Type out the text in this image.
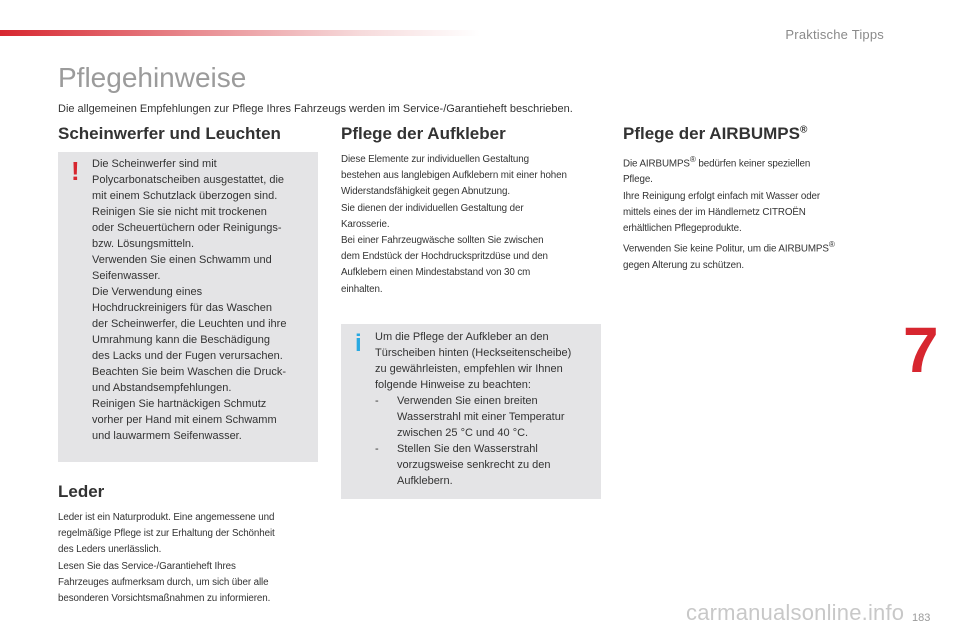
Praktische Tipps
Pflegehinweise
Die allgemeinen Empfehlungen zur Pflege Ihres Fahrzeugs werden im Service-/Garantieheft beschrieben.
Scheinwerfer und Leuchten
! Die Scheinwerfer sind mit
Polycarbonatscheiben ausgestattet, die
mit einem Schutzlack überzogen sind.
Reinigen Sie sie nicht mit trockenen
oder Scheuertüchern oder Reinigungs-
bzw. Lösungsmitteln.
Verwenden Sie einen Schwamm und
Seifenwasser.
Die Verwendung eines
Hochdruckreinigers für das Waschen
der Scheinwerfer, die Leuchten und ihre
Umrahmung kann die Beschädigung
des Lacks und der Fugen verursachen.
Beachten Sie beim Waschen die Druck-
und Abstandsempfehlungen.
Reinigen Sie hartnäckigen Schmutz
vorher per Hand mit einem Schwamm
und lauwarmem Seifenwasser.

Leder

Leder ist ein Naturprodukt. Eine angemessene und
regelmäßige Pflege ist zur Erhaltung der Schönheit
des Leders unerlässlich.
Lesen Sie das Service-/Garantieheft Ihres
Fahrzeuges aufmerksam durch, um sich über alle
besonderen Vorsichtsmaßnahmen zu informieren.

Pflege der Aufkleber

Diese Elemente zur individuellen Gestaltung
bestehen aus langlebigen Aufklebern mit einer hohen
Widerstandsfähigkeit gegen Abnutzung.
Sie dienen der individuellen Gestaltung der
Karosserie.
Bei einer Fahrzeugwäsche sollten Sie zwischen
dem Endstück der Hochdruckspritzdüse und den
Aufklebern einen Mindestabstand von 30 cm
einhalten.

i Um die Pflege der Aufkleber an den
Türscheiben hinten (Heckseitenscheibe)
zu gewährleisten, empfehlen wir Ihnen
folgende Hinweise zu beachten:

-	Verwenden Sie einen breiten
Wasserstrahl mit einer Temperatur
zwischen 25 °C und 40 °C.
-	Stellen Sie den Wasserstrahl
vorzugsweise senkrecht zu den
Aufklebern.
Pflege der AIRBUMPS®

Die AIRBUMPS® bedürfen keiner speziellen
Pflege.

Ihre Reinigung erfolgt einfach mit Wasser oder
mittels eines der im Händlernetz CITROËN
erhältlichen Pflegeprodukte.

Verwenden Sie keine Politur, um die AIRBUMPS®
gegen Alterung zu schützen.

7
carmanualsonline.info 183
